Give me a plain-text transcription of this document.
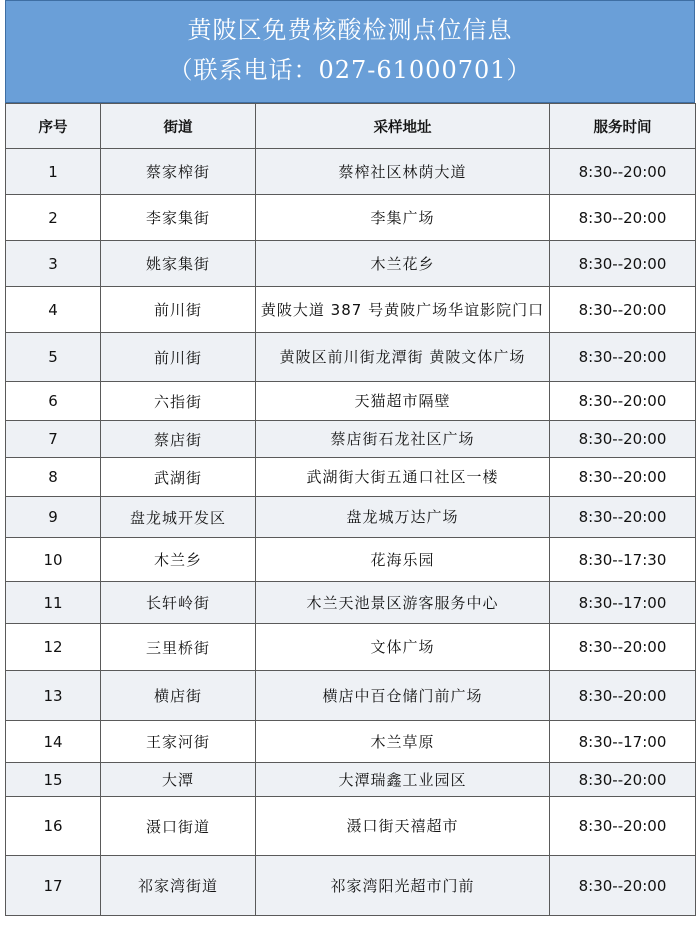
黄陂区免费核酸检测点位信息
（联系电话：027-61000701）
序号	街道	采样地址	服务时间
1	蔡家榨街	蔡榨社区林荫大道	8:30--20:00
2	李家集街	李集广场	8:30--20:00
3	姚家集街	木兰花乡	8:30--20:00
4	前川街	黄陂大道 387 号黄陂广场华谊影院门口	8:30--20:00
5	前川街	黄陂区前川街龙潭街 黄陂文体广场	8:30--20:00
6	六指街	天猫超市隔壁	8:30--20:00
7	蔡店街	蔡店街石龙社区广场	8:30--20:00
8	武湖街	武湖街大街五通口社区一楼	8:30--20:00
9	盘龙城开发区	盘龙城万达广场	8:30--20:00
10	木兰乡	花海乐园	8:30--17:30
11	长轩岭街	木兰天池景区游客服务中心	8:30--17:00
12	三里桥街	文体广场	8:30--20:00
13	横店街	横店中百仓储门前广场	8:30--20:00
14	王家河街	木兰草原	8:30--17:00
15	大潭	大潭瑞鑫工业园区	8:30--20:00
16	滠口街道	滠口街天禧超市	8:30--20:00
17	祁家湾街道	祁家湾阳光超市门前	8:30--20:00
